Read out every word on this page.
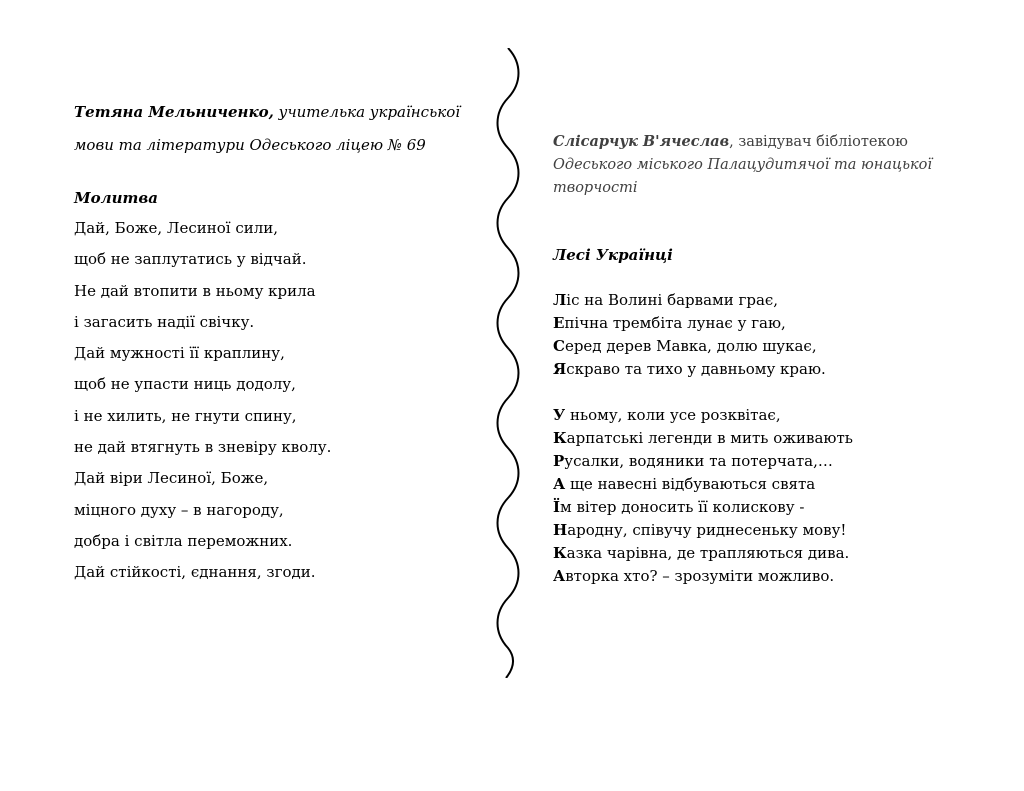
Тетяна Мельниченко, учителька української
мови та літератури Одеського ліцею № 69
Молитва
Дай, Боже, Лесиної сили,
щоб не заплутатись у відчай.
Не дай втопити в ньому крила
і загасить надії свічку.
Дай мужності її краплину,
щоб не упасти ниць додолу,
і не хилить, не гнути спину,
не дай втягнуть в зневіру кволу.
Дай віри Лесиної, Боже,
міцного духу – в нагороду,
добра і світла переможних.
Дай стійкості, єднання, згоди.
Слісарчук В'ячеслав, завідувач бібліотекою
Одеського міського Палацудитячої та юнацької
творчості
Лесі Українці
Ліс на Волині барвами грає,
Епічна трембіта лунає у гаю,
Серед дерев Мавка, долю шукає,
Яскраво та тихо у давньому краю.
У ньому, коли усе розквітає,
Карпатські легенди в мить оживають
Русалки, водяники та потерчата,…
А ще навесні відбуваються свята
Їм вітер доносить її колискову -
Народну, співучу риднесеньку мову!
Казка чарівна, де трапляються дива.
Авторка хто? – зрозуміти можливо.
